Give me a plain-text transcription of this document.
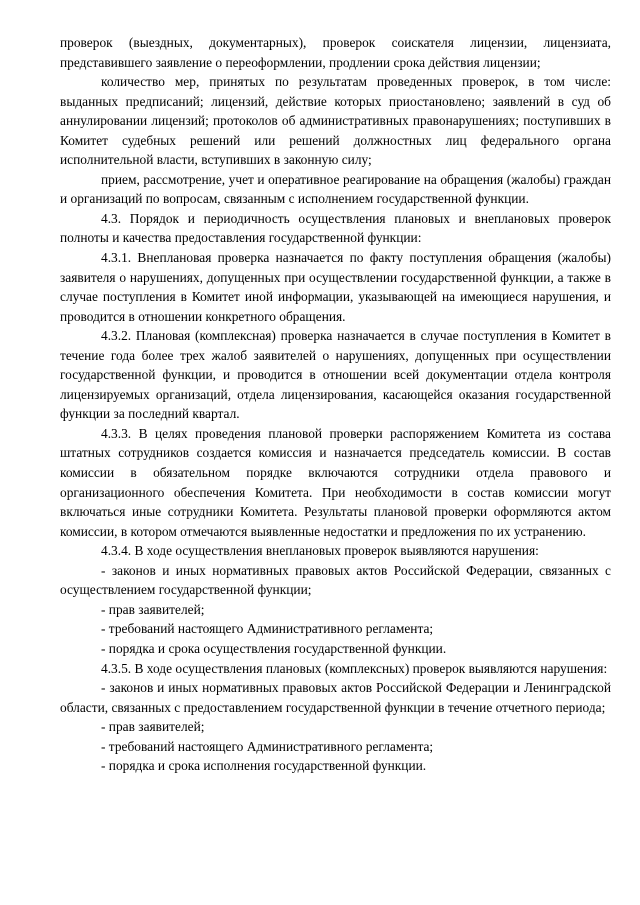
проверок (выездных, документарных), проверок соискателя лицензии, лицензиата, представившего заявление о переоформлении, продлении срока действия лицензии;

количество мер, принятых по результатам проведенных проверок, в том числе: выданных предписаний; лицензий, действие которых приостановлено; заявлений в суд об аннулировании лицензий; протоколов об административных правонарушениях; поступивших в Комитет судебных решений или решений должностных лиц федерального органа исполнительной власти, вступивших в законную силу;

прием, рассмотрение, учет и оперативное реагирование на обращения (жалобы) граждан и организаций по вопросам, связанным с исполнением государственной функции.

4.3. Порядок и периодичность осуществления плановых и внеплановых проверок полноты и качества предоставления государственной функции:

4.3.1. Внеплановая проверка назначается по факту поступления обращения (жалобы) заявителя о нарушениях, допущенных при осуществлении государственной функции, а также в случае поступления в Комитет иной информации, указывающей на имеющиеся нарушения, и проводится в отношении конкретного обращения.

4.3.2. Плановая (комплексная) проверка назначается в случае поступления в Комитет в течение года более трех жалоб заявителей о нарушениях, допущенных при осуществлении государственной функции, и проводится в отношении всей документации отдела контроля лицензируемых организаций, отдела лицензирования, касающейся оказания государственной функции за последний квартал.

4.3.3. В целях проведения плановой проверки распоряжением Комитета из состава штатных сотрудников создается комиссия и назначается председатель комиссии. В состав комиссии в обязательном порядке включаются сотрудники отдела правового и организационного обеспечения Комитета. При необходимости в состав комиссии могут включаться иные сотрудники Комитета. Результаты плановой проверки оформляются актом комиссии, в котором отмечаются выявленные недостатки и предложения по их устранению.

4.3.4. В ходе осуществления внеплановых проверок выявляются нарушения:

- законов и иных нормативных правовых актов Российской Федерации, связанных с осуществлением государственной функции;

- прав заявителей;

- требований настоящего Административного регламента;

- порядка и срока осуществления государственной функции.

4.3.5. В ходе осуществления плановых (комплексных) проверок выявляются нарушения:

- законов и иных нормативных правовых актов Российской Федерации и Ленинградской области, связанных с предоставлением государственной функции в течение отчетного периода;

- прав заявителей;

- требований настоящего Административного регламента;

- порядка и срока исполнения государственной функции.
